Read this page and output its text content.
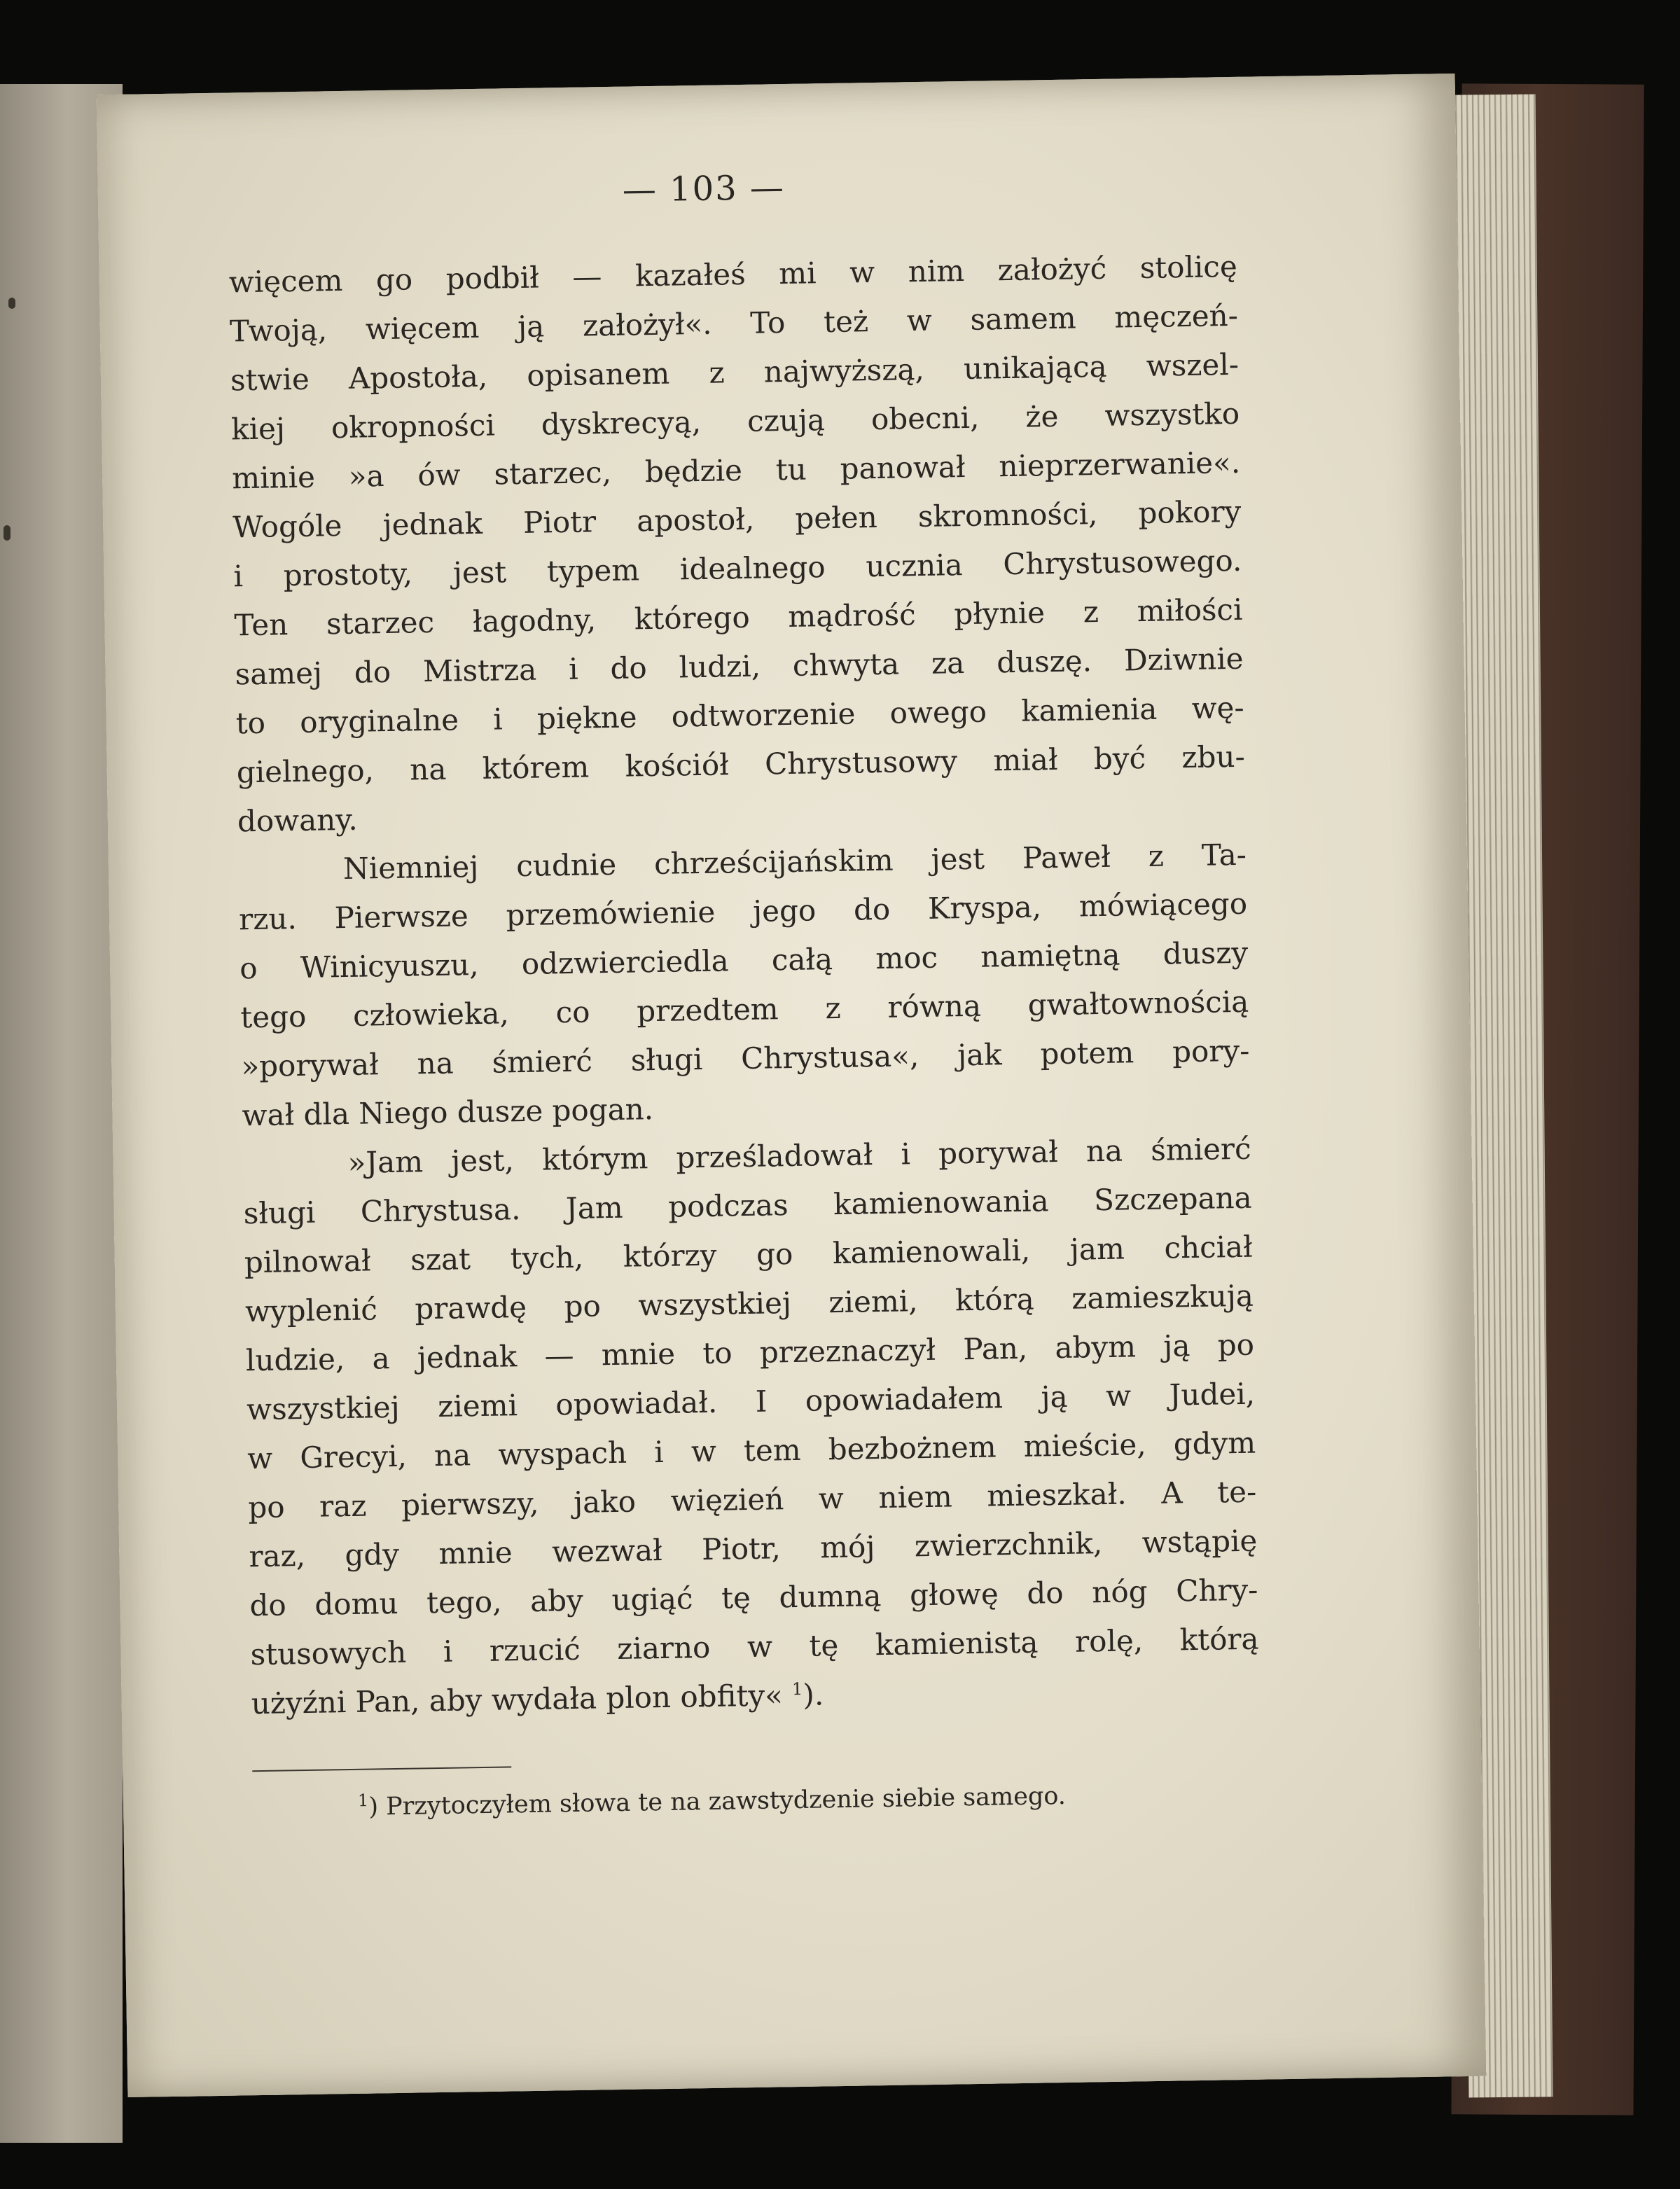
— 103 —
więcem go podbił — kazałeś mi w nim założyć stolicę
Twoją, więcem ją założył«. To też w samem męczeń-
stwie Apostoła, opisanem z najwyższą, unikającą wszel-
kiej okropności dyskrecyą, czują obecni, że wszystko
minie »a ów starzec, będzie tu panował nieprzerwanie«.
Wogóle jednak Piotr apostoł, pełen skromności, pokory
i prostoty, jest typem idealnego ucznia Chrystusowego.
Ten starzec łagodny, którego mądrość płynie z miłości
samej do Mistrza i do ludzi, chwyta za duszę. Dziwnie
to oryginalne i piękne odtworzenie owego kamienia wę-
gielnego, na którem kościół Chrystusowy miał być zbu-
dowany.
Niemniej cudnie chrześcijańskim jest Paweł z Ta-
rzu. Pierwsze przemówienie jego do Kryspa, mówiącego
o Winicyuszu, odzwierciedla całą moc namiętną duszy
tego człowieka, co przedtem z równą gwałtownością
»porywał na śmierć sługi Chrystusa«, jak potem pory-
wał dla Niego dusze pogan.
»Jam jest, którym prześladował i porywał na śmierć
sługi Chrystusa. Jam podczas kamienowania Szczepana
pilnował szat tych, którzy go kamienowali, jam chciał
wyplenić prawdę po wszystkiej ziemi, którą zamieszkują
ludzie, a jednak — mnie to przeznaczył Pan, abym ją po
wszystkiej ziemi opowiadał. I opowiadałem ją w Judei,
w Grecyi, na wyspach i w tem bezbożnem mieście, gdym
po raz pierwszy, jako więzień w niem mieszkał. A te-
raz, gdy mnie wezwał Piotr, mój zwierzchnik, wstąpię
do domu tego, aby ugiąć tę dumną głowę do nóg Chry-
stusowych i rzucić ziarno w tę kamienistą rolę, którą
użyźni Pan, aby wydała plon obfity« $^1$).
$^1$) Przytoczyłem słowa te na zawstydzenie siebie samego.
